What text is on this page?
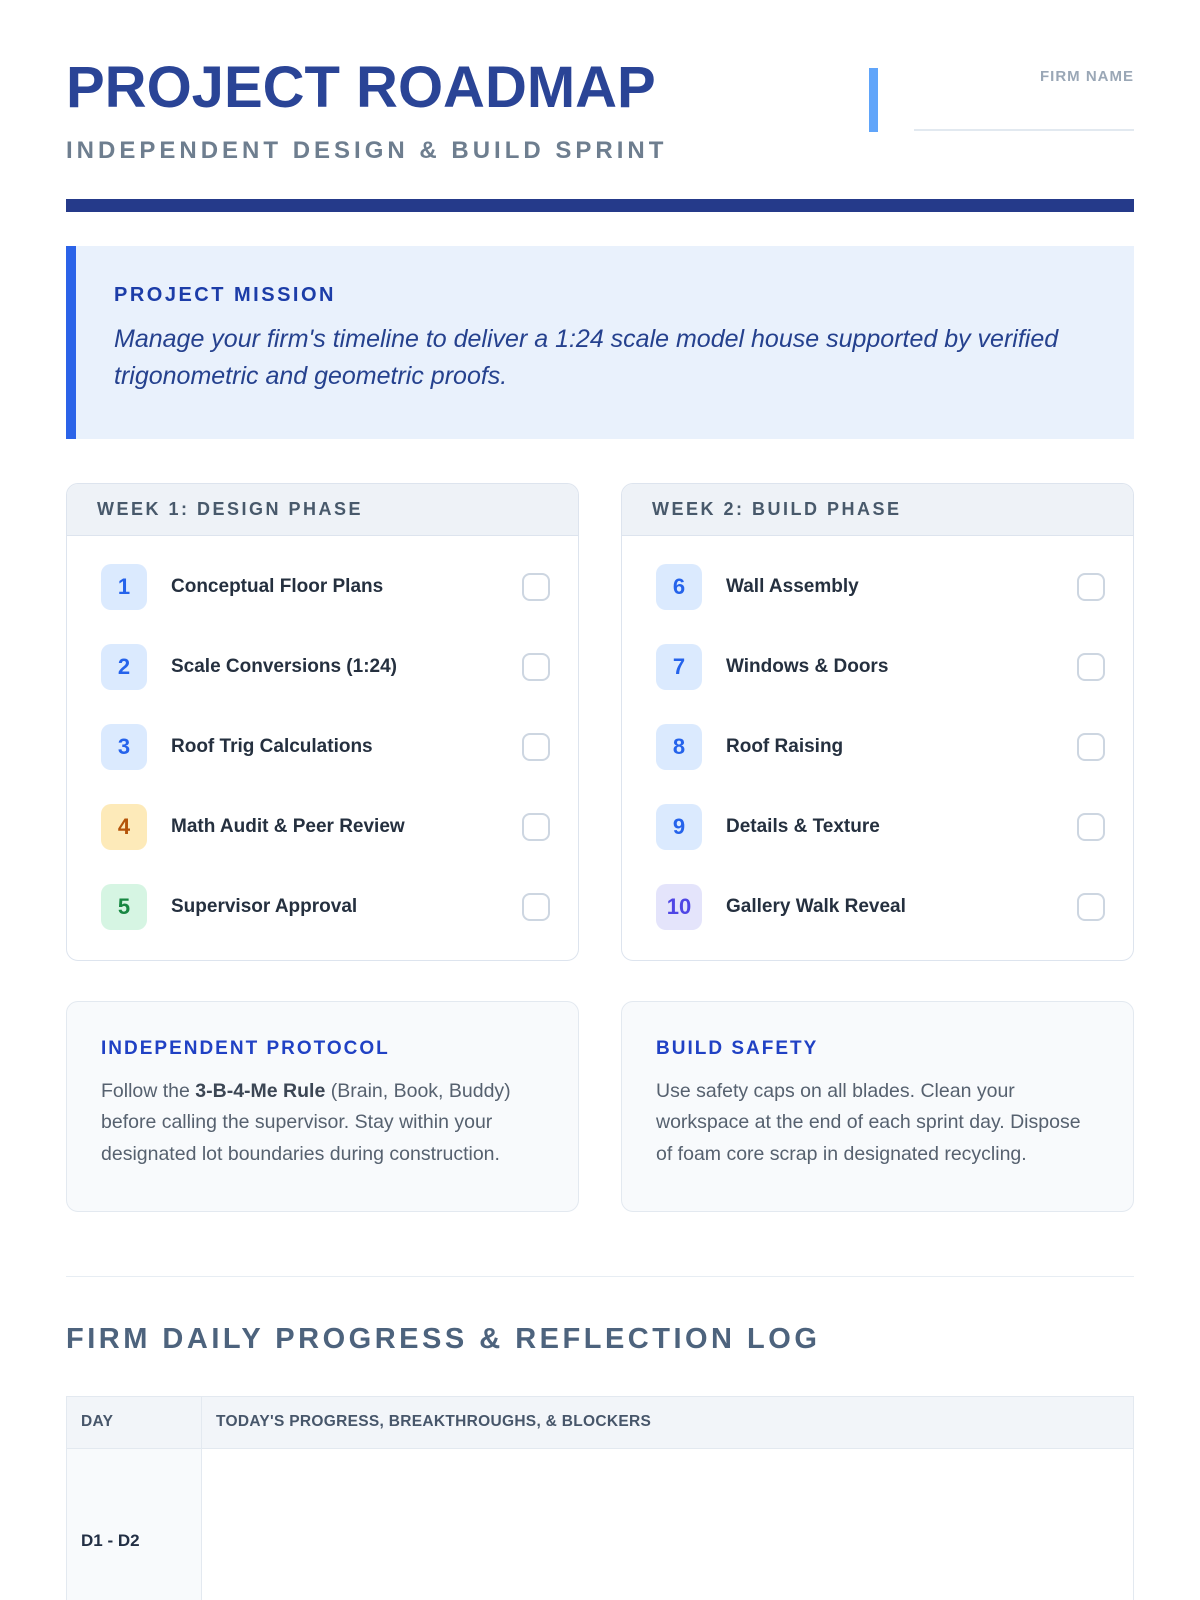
PROJECT ROADMAP
INDEPENDENT DESIGN & BUILD SPRINT
FIRM NAME
PROJECT MISSION
Manage your firm's timeline to deliver a 1:24 scale model house supported by verified trigonometric and geometric proofs.
WEEK 1: DESIGN PHASE
1	Conceptual Floor Plans
2	Scale Conversions (1:24)
3	Roof Trig Calculations
4	Math Audit & Peer Review
5	Supervisor Approval
WEEK 2: BUILD PHASE
6	Wall Assembly
7	Windows & Doors
8	Roof Raising
9	Details & Texture
10	Gallery Walk Reveal
INDEPENDENT PROTOCOL
Follow the 3-B-4-Me Rule (Brain, Book, Buddy) before calling the supervisor. Stay within your designated lot boundaries during construction.
BUILD SAFETY
Use safety caps on all blades. Clean your workspace at the end of each sprint day. Dispose of foam core scrap in designated recycling.
FIRM DAILY PROGRESS & REFLECTION LOG
DAY	TODAY'S PROGRESS, BREAKTHROUGHS, & BLOCKERS
D1 - D2	
